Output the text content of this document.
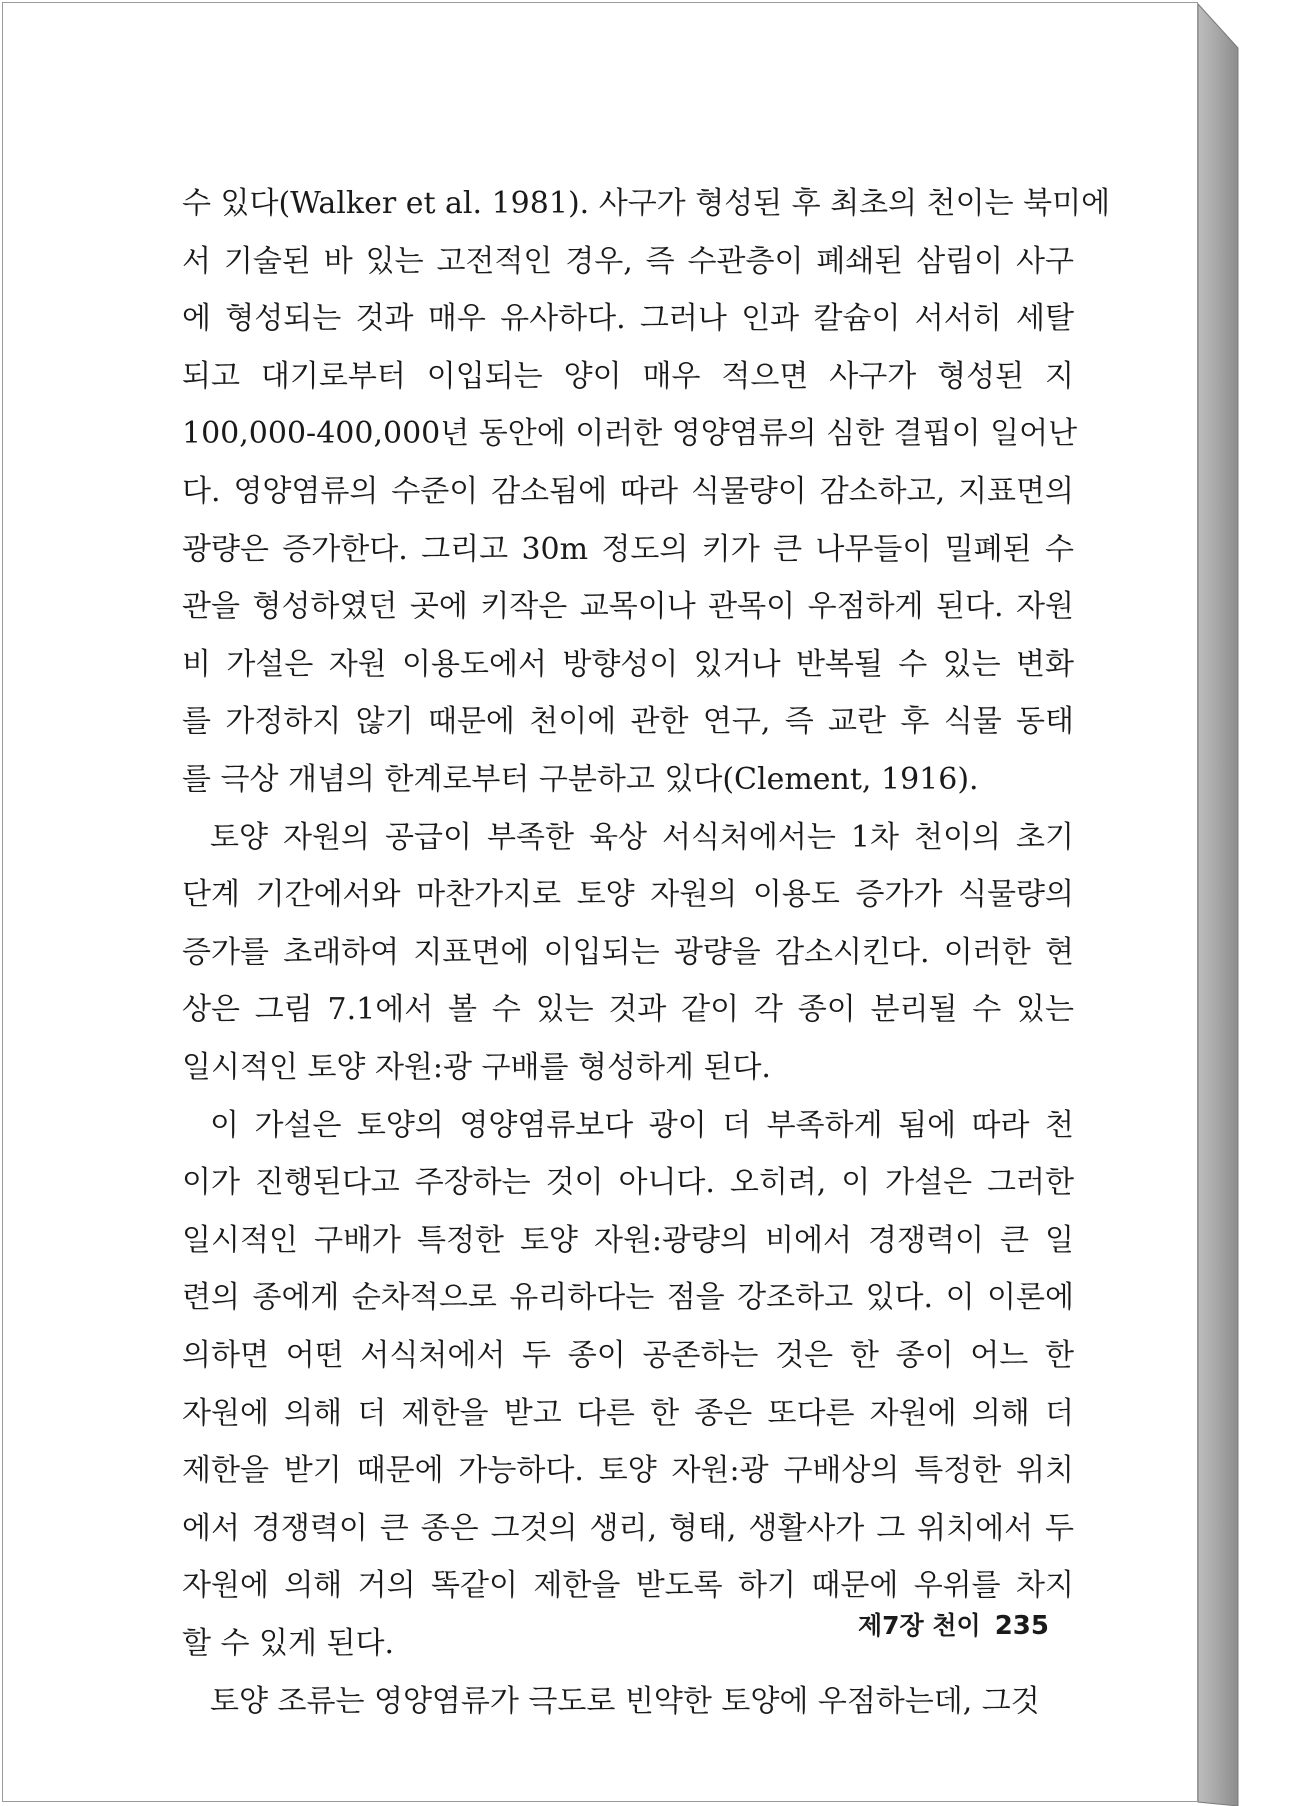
수 있다(Walker et al. 1981). 사구가 형성된 후 최초의 천이는 북미에
서 기술된 바 있는 고전적인 경우, 즉 수관층이 폐쇄된 삼림이 사구
에 형성되는 것과 매우 유사하다. 그러나 인과 칼슘이 서서히 세탈
되고 대기로부터 이입되는 양이 매우 적으면 사구가 형성된 지
100,000-400,000년 동안에 이러한 영양염류의 심한 결핍이 일어난
다. 영양염류의 수준이 감소됨에 따라 식물량이 감소하고, 지표면의
광량은 증가한다. 그리고 30m 정도의 키가 큰 나무들이 밀폐된 수
관을 형성하였던 곳에 키작은 교목이나 관목이 우점하게 된다. 자원
비 가설은 자원 이용도에서 방향성이 있거나 반복될 수 있는 변화
를 가정하지 않기 때문에 천이에 관한 연구, 즉 교란 후 식물 동태
를 극상 개념의 한계로부터 구분하고 있다(Clement, 1916).
토양 자원의 공급이 부족한 육상 서식처에서는 1차 천이의 초기
단계 기간에서와 마찬가지로 토양 자원의 이용도 증가가 식물량의
증가를 초래하여 지표면에 이입되는 광량을 감소시킨다. 이러한 현
상은 그림 7.1에서 볼 수 있는 것과 같이 각 종이 분리될 수 있는
일시적인 토양 자원:광 구배를 형성하게 된다.
이 가설은 토양의 영양염류보다 광이 더 부족하게 됨에 따라 천
이가 진행된다고 주장하는 것이 아니다. 오히려, 이 가설은 그러한
일시적인 구배가 특정한 토양 자원:광량의 비에서 경쟁력이 큰 일
련의 종에게 순차적으로 유리하다는 점을 강조하고 있다. 이 이론에
의하면 어떤 서식처에서 두 종이 공존하는 것은 한 종이 어느 한
자원에 의해 더 제한을 받고 다른 한 종은 또다른 자원에 의해 더
제한을 받기 때문에 가능하다. 토양 자원:광 구배상의 특정한 위치
에서 경쟁력이 큰 종은 그것의 생리, 형태, 생활사가 그 위치에서 두
자원에 의해 거의 똑같이 제한을 받도록 하기 때문에 우위를 차지
할 수 있게 된다.
토양 조류는 영양염류가 극도로 빈약한 토양에 우점하는데, 그것
제7장 천이 235
